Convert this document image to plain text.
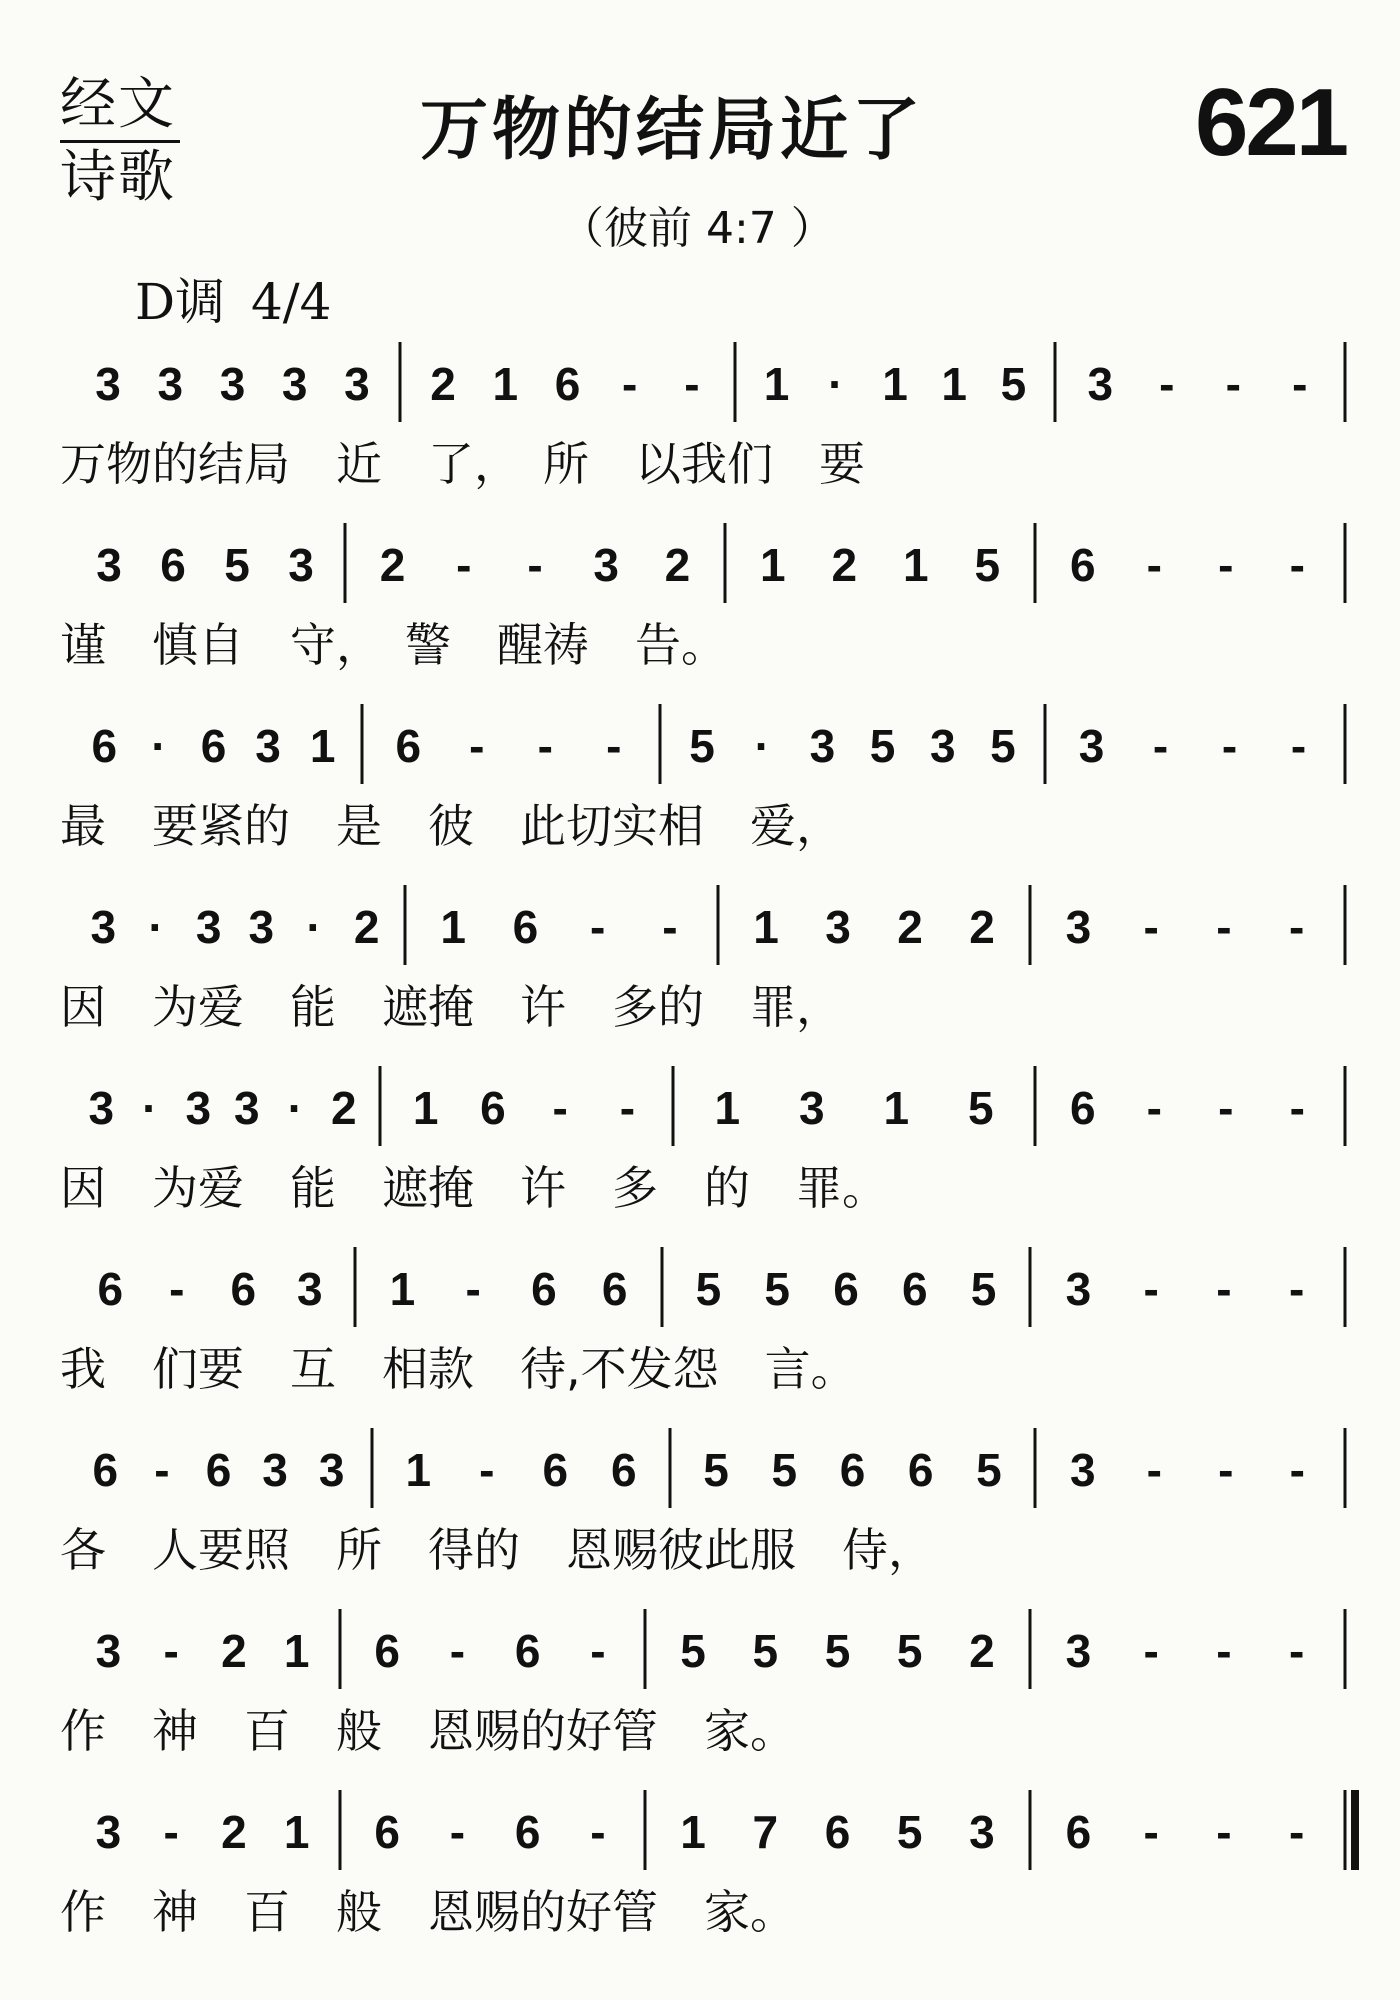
经文
诗歌
万物的结局近了	621
（彼前 4:7 ）
D调 4/4
3 3 3 3 3 2 1 6 - - 1 · 1 1 5 3 - - -
万物的结局　近　了，　所　以我们　要
3 6 5 3 2 - - 3 2 1 2 1 5 6 - - -
谨　慎自　守，　警　醒祷　告。
6 · 6 3 1 6 - - - 5 · 3 5 3 5 3 - - -
最　要紧的　是　彼　此切实相　爱，
3 · 3 3 · 2 1 6 - - 1 3 2 2 3 - - -
因　为爱　能　遮掩　许　多的　罪，
3 · 3 3 · 2 1 6 - - 1 3 1 5 6 - - -
因　为爱　能　遮掩　许　多　的　罪。
6 - 6 3 1 - 6 6 5 5 6 6 5 3 - - -
我　们要　互　相款　待,不发怨　言。
6 - 6 3 3 1 - 6 6 5 5 6 6 5 3 - - -
各　人要照　所　得的　恩赐彼此服　侍，
3 - 2 1 6 - 6 - 5 5 5 5 2 3 - - -
作　神　百　般　恩赐的好管　家。
3 - 2 1 6 - 6 - 1 7 6 5 3 6 - - -
作　神　百　般　恩赐的好管　家。
